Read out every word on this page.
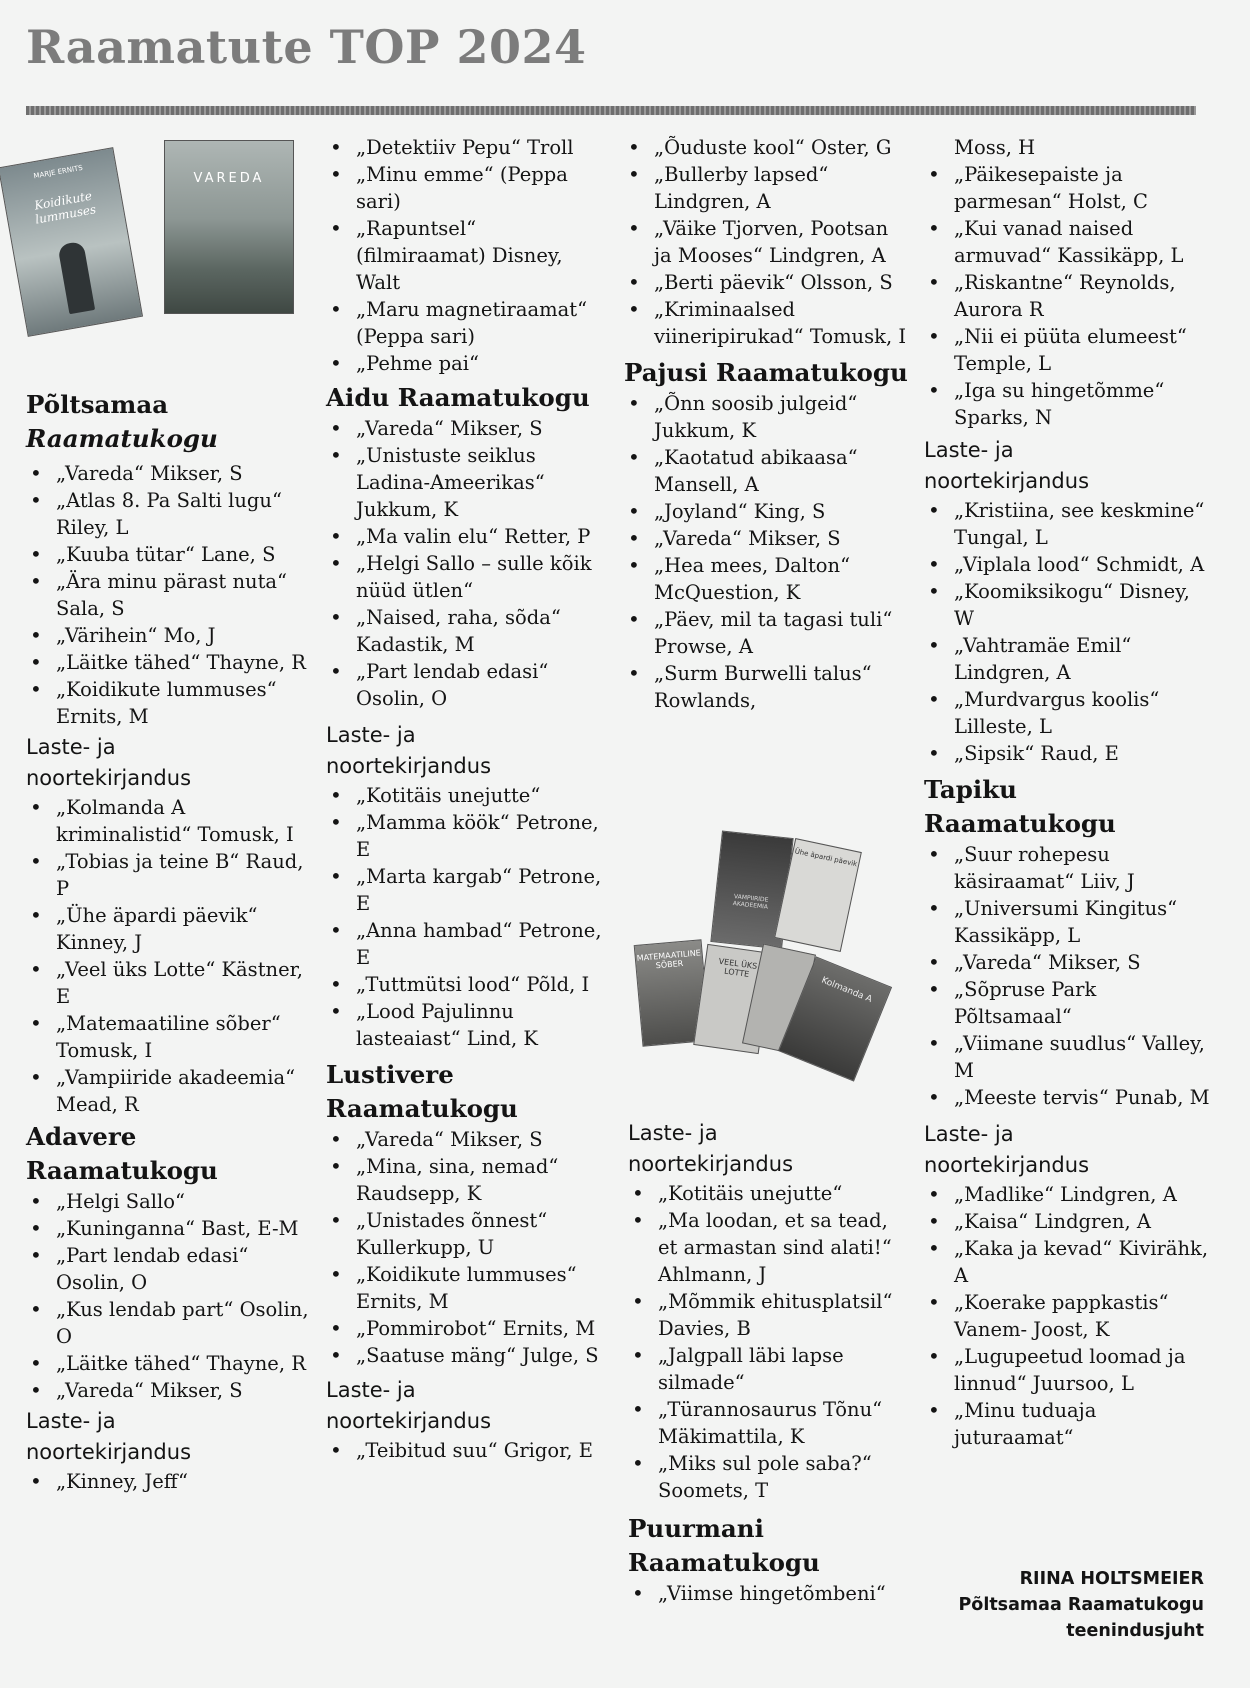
Raamatute TOP 2024
MARJE ERNITS
Koidikute lummuses
VAREDA
Põltsamaa
Raamatukogu
• „Vareda“ Mikser, S
• „Atlas 8. Pa Salti lugu“ Riley, L
• „Kuuba tütar“ Lane, S
• „Ära minu pärast nuta“ Sala, S
• „Värihein“ Mo, J
• „Läitke tähed“ Thayne, R
• „Koidikute lummuses“ Ernits, M
Laste- ja
noortekirjandus
• „Kolmanda A kriminalistid“ Tomusk, I
• „Tobias ja teine B“ Raud, P
• „Ühe äpardi päevik“ Kinney, J
• „Veel üks Lotte“ Kästner, E
• „Matemaatiline sõber“ Tomusk, I
• „Vampiiride akadeemia“ Mead, R
Adavere
Raamatukogu
• „Helgi Sallo“
• „Kuninganna“ Bast, E-M
• „Part lendab edasi“ Osolin, O
• „Kus lendab part“ Osolin, O
• „Läitke tähed“ Thayne, R
• „Vareda“ Mikser, S
Laste- ja
noortekirjandus
• „Kinney, Jeff“
• „Detektiiv Pepu“ Troll
• „Minu emme“ (Peppa sari)
• „Rapuntsel“ (filmiraamat) Disney, Walt
• „Maru magnetiraamat“ (Peppa sari)
• „Pehme pai“
Aidu Raamatukogu
• „Vareda“ Mikser, S
• „Unistuste seiklus Ladina-Ameerikas“ Jukkum, K
• „Ma valin elu“ Retter, P
• „Helgi Sallo – sulle kõik nüüd ütlen“
• „Naised, raha, sõda“ Kadastik, M
• „Part lendab edasi“ Osolin, O
Laste- ja
noortekirjandus
• „Kotitäis unejutte“
• „Mamma köök“ Petrone, E
• „Marta kargab“ Petrone, E
• „Anna hambad“ Petrone, E
• „Tuttmütsi lood“ Põld, I
• „Lood Pajulinnu lasteaiast“ Lind, K
Lustivere
Raamatukogu
• „Vareda“ Mikser, S
• „Mina, sina, nemad“ Raudsepp, K
• „Unistades õnnest“ Kullerkupp, U
• „Koidikute lummuses“ Ernits, M
• „Pommirobot“ Ernits, M
• „Saatuse mäng“ Julge, S
Laste- ja
noortekirjandus
• „Teibitud suu“ Grigor, E
• „Õuduste kool“ Oster, G
• „Bullerby lapsed“ Lindgren, A
• „Väike Tjorven, Pootsan ja Mooses“ Lindgren, A
• „Berti päevik“ Olsson, S
• „Kriminaalsed viineripirukad“ Tomusk, I
Pajusi Raamatukogu
• „Õnn soosib julgeid“ Jukkum, K
• „Kaotatud abikaasa“ Mansell, A
• „Joyland“ King, S
• „Vareda“ Mikser, S
• „Hea mees, Dalton“ McQuestion, K
• „Päev, mil ta tagasi tuli“ Prowse, A
• „Surm Burwelli talus“ Rowlands,
VAMPIIRIDE AKADEEMIA
Ühe äpardi päevik
MATEMAATILINE SÕBER	VEEL ÜKS LOTTE
Kolmanda A
Laste- ja
noortekirjandus
• „Kotitäis unejutte“
• „Ma loodan, et sa tead, et armastan sind alati!“ Ahlmann, J
• „Mõmmik ehitusplatsil“ Davies, B
• „Jalgpall läbi lapse silmade“
• „Türannosaurus Tõnu“ Mäkimattila, K
• „Miks sul pole saba?“ Soomets, T
Puurmani
Raamatukogu
• „Viimse hingetõmbeni“
Moss, H
• „Päikesepaiste ja parmesan“ Holst, C
• „Kui vanad naised armuvad“ Kassikäpp, L
• „Riskantne“ Reynolds, Aurora R
• „Nii ei püüta elumeest“ Temple, L
• „Iga su hingetõmme“ Sparks, N
Laste- ja
noortekirjandus
• „Kristiina, see keskmine“ Tungal, L
• „Viplala lood“ Schmidt, A
• „Koomiksikogu“ Disney, W
• „Vahtramäe Emil“ Lindgren, A
• „Murdvargus koolis“ Lilleste, L
• „Sipsik“ Raud, E
Tapiku
Raamatukogu
• „Suur rohepesu käsiraamat“ Liiv, J
• „Universumi Kingitus“ Kassikäpp, L
• „Vareda“ Mikser, S
• „Sõpruse Park Põltsamaal“
• „Viimane suudlus“ Valley, M
• „Meeste tervis“ Punab, M
Laste- ja
noortekirjandus
• „Madlike“ Lindgren, A
• „Kaisa“ Lindgren, A
• „Kaka ja kevad“ Kivirähk, A
• „Koerake pappkastis“ Vanem- Joost, K
• „Lugupeetud loomad ja linnud“ Juursoo, L
• „Minu tuduaja juturaamat“
RIINA HOLTSMEIER
Põltsamaa Raamatukogu
teenindusjuht
